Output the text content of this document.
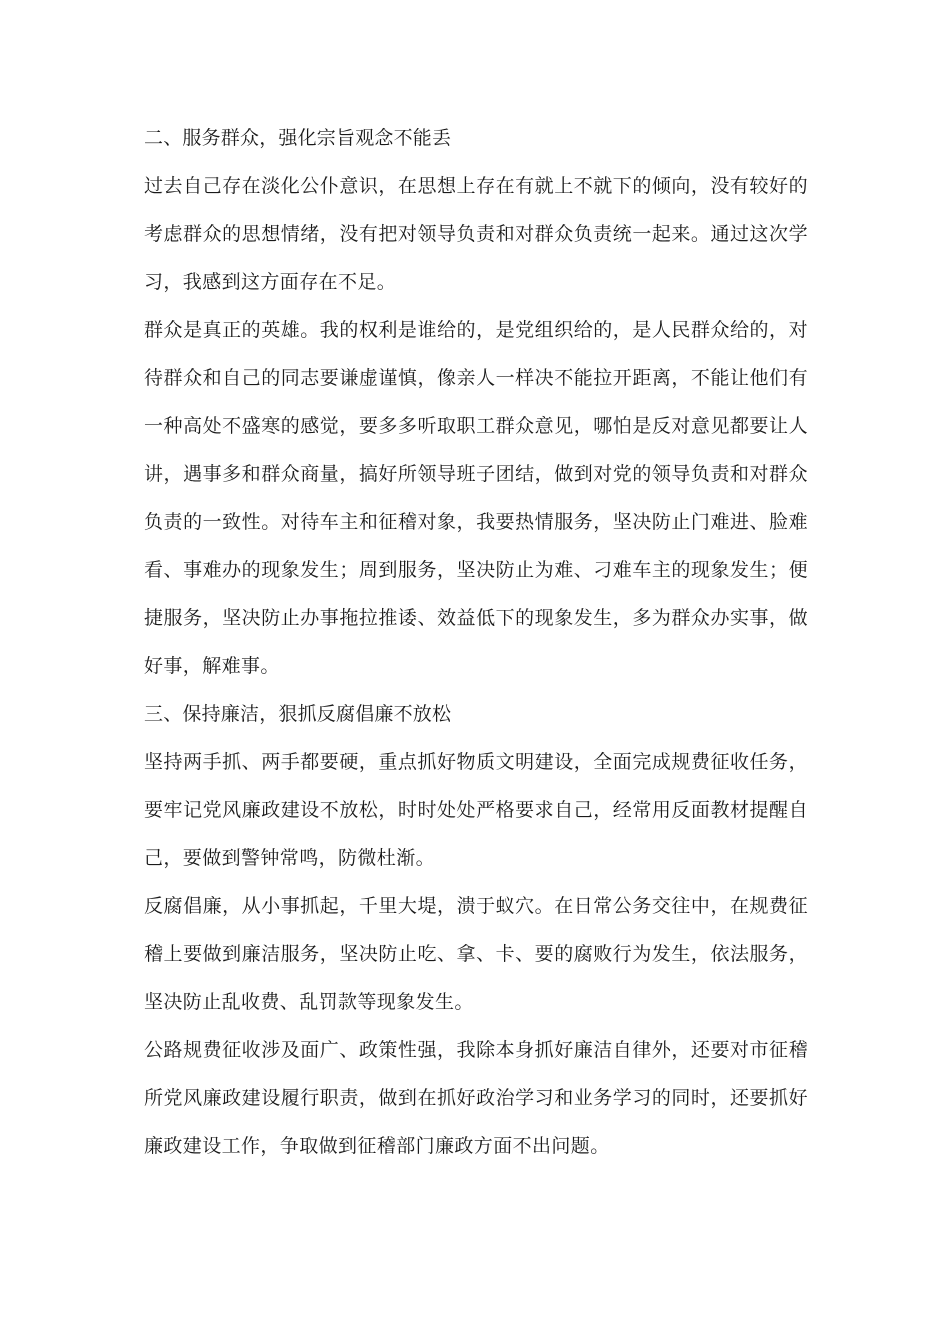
二、服务群众，强化宗旨观念不能丢

过去自己存在淡化公仆意识，在思想上存在有就上不就下的倾向，没有较好的考虑群众的思想情绪，没有把对领导负责和对群众负责统一起来。通过这次学习，我感到这方面存在不足。

群众是真正的英雄。我的权利是谁给的，是党组织给的，是人民群众给的，对待群众和自己的同志要谦虚谨慎，像亲人一样决不能拉开距离，不能让他们有一种高处不盛寒的感觉，要多多听取职工群众意见，哪怕是反对意见都要让人讲，遇事多和群众商量，搞好所领导班子团结，做到对党的领导负责和对群众负责的一致性。对待车主和征稽对象，我要热情服务，坚决防止门难进、脸难看、事难办的现象发生；周到服务，坚决防止为难、刁难车主的现象发生；便捷服务，坚决防止办事拖拉推诿、效益低下的现象发生，多为群众办实事，做好事，解难事。

三、保持廉洁，狠抓反腐倡廉不放松

坚持两手抓、两手都要硬，重点抓好物质文明建设，全面完成规费征收任务，要牢记党风廉政建设不放松，时时处处严格要求自己，经常用反面教材提醒自己，要做到警钟常鸣，防微杜渐。

反腐倡廉，从小事抓起，千里大堤，溃于蚁穴。在日常公务交往中，在规费征稽上要做到廉洁服务，坚决防止吃、拿、卡、要的腐败行为发生，依法服务，坚决防止乱收费、乱罚款等现象发生。

公路规费征收涉及面广、政策性强，我除本身抓好廉洁自律外，还要对市征稽所党风廉政建设履行职责，做到在抓好政治学习和业务学习的同时，还要抓好廉政建设工作，争取做到征稽部门廉政方面不出问题。
